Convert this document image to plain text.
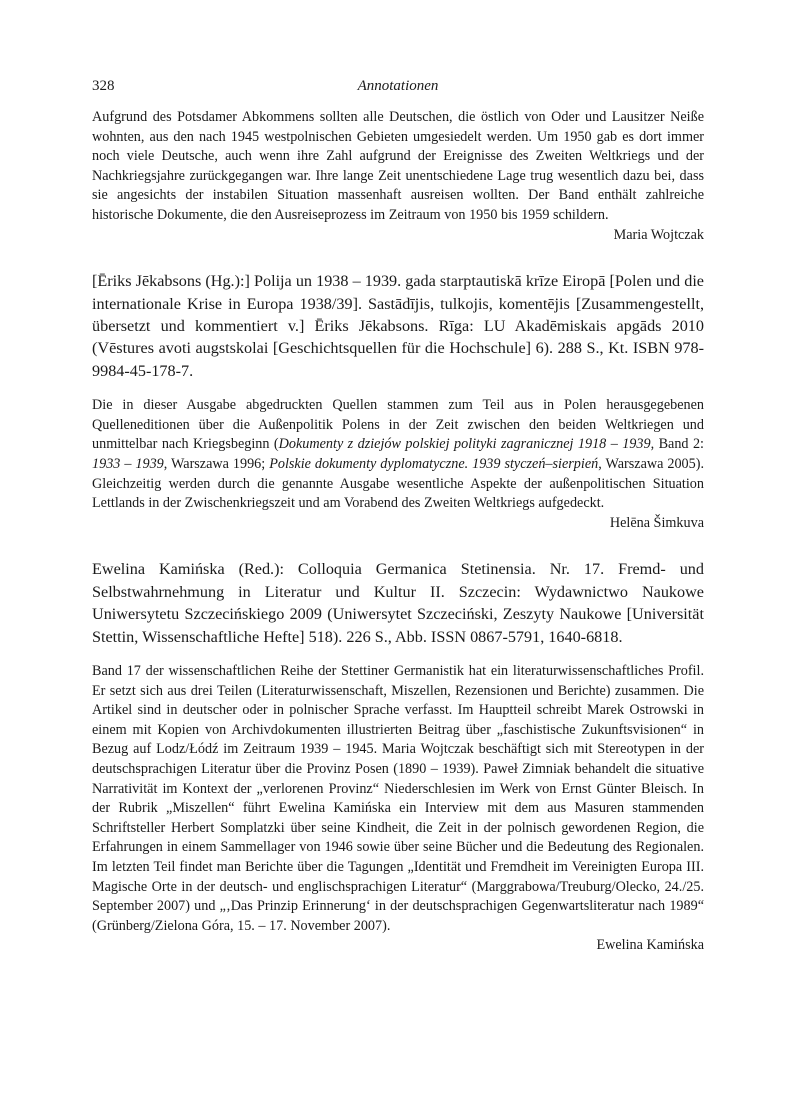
328	Annotationen

Aufgrund des Potsdamer Abkommens sollten alle Deutschen, die östlich von Oder und Lausitzer Neiße wohnten, aus den nach 1945 westpolnischen Gebieten umgesiedelt werden. Um 1950 gab es dort immer noch viele Deutsche, auch wenn ihre Zahl aufgrund der Ereignisse des Zweiten Weltkriegs und der Nachkriegsjahre zurückgegangen war. Ihre lange Zeit unentschiedene Lage trug wesentlich dazu bei, dass sie angesichts der instabilen Situation massenhaft ausreisen wollten. Der Band enthält zahlreiche historische Dokumente, die den Ausreiseprozess im Zeitraum von 1950 bis 1959 schildern.

Maria Wojtczak

[Ēriks Jēkabsons (Hg.):] Polija un 1938 – 1939. gada starptautiskā krīze Eiropā [Polen und die internationale Krise in Europa 1938/39]. Sastādījis, tulkojis, komentējis [Zusammengestellt, übersetzt und kommentiert v.] Ēriks Jēkabsons. Rīga: LU Akadēmiskais apgāds 2010 (Vēstures avoti augstskolai [Geschichtsquellen für die Hochschule] 6). 288 S., Kt. ISBN 978-9984-45-178-7.

Die in dieser Ausgabe abgedruckten Quellen stammen zum Teil aus in Polen herausgegebenen Quelleneditionen über die Außenpolitik Polens in der Zeit zwischen den beiden Weltkriegen und unmittelbar nach Kriegsbeginn (Dokumenty z dziejów polskiej polityki zagranicznej 1918 – 1939, Band 2: 1933 – 1939, Warszawa 1996; Polskie dokumenty dyplomatyczne. 1939 styczeń–sierpień, Warszawa 2005). Gleichzeitig werden durch die genannte Ausgabe wesentliche Aspekte der außenpolitischen Situation Lettlands in der Zwischenkriegszeit und am Vorabend des Zweiten Weltkriegs aufgedeckt.

Helēna Šimkuva

Ewelina Kamińska (Red.): Colloquia Germanica Stetinensia. Nr. 17. Fremd- und Selbstwahrnehmung in Literatur und Kultur II. Szczecin: Wydawnictwo Naukowe Uniwersytetu Szczecińskiego 2009 (Uniwersytet Szczeciński, Zeszyty Naukowe [Universität Stettin, Wissenschaftliche Hefte] 518). 226 S., Abb. ISSN 0867-5791, 1640-6818.

Band 17 der wissenschaftlichen Reihe der Stettiner Germanistik hat ein literaturwissenschaftliches Profil. Er setzt sich aus drei Teilen (Literaturwissenschaft, Miszellen, Rezensionen und Berichte) zusammen. Die Artikel sind in deutscher oder in polnischer Sprache verfasst. Im Hauptteil schreibt Marek Ostrowski in einem mit Kopien von Archivdokumenten illustrierten Beitrag über „faschistische Zukunftsvisionen“ in Bezug auf Lodz/Łódź im Zeitraum 1939 – 1945. Maria Wojtczak beschäftigt sich mit Stereotypen in der deutschsprachigen Literatur über die Provinz Posen (1890 – 1939). Paweł Zimniak behandelt die situative Narrativität im Kontext der „verlorenen Provinz“ Niederschlesien im Werk von Ernst Günter Bleisch. In der Rubrik „Miszellen“ führt Ewelina Kamińska ein Interview mit dem aus Masuren stammenden Schriftsteller Herbert Somplatzki über seine Kindheit, die Zeit in der polnisch gewordenen Region, die Erfahrungen in einem Sammellager von 1946 sowie über seine Bücher und die Bedeutung des Regionalen. Im letzten Teil findet man Berichte über die Tagungen „Identität und Fremdheit im Vereinigten Europa III. Magische Orte in der deutsch- und englischsprachigen Literatur“ (Marggrabowa/Treuburg/Olecko, 24./25. September 2007) und „‚Das Prinzip Erinnerung‘ in der deutschsprachigen Gegenwartsliteratur nach 1989“ (Grünberg/Zielona Góra, 15. – 17. November 2007).

Ewelina Kamińska
